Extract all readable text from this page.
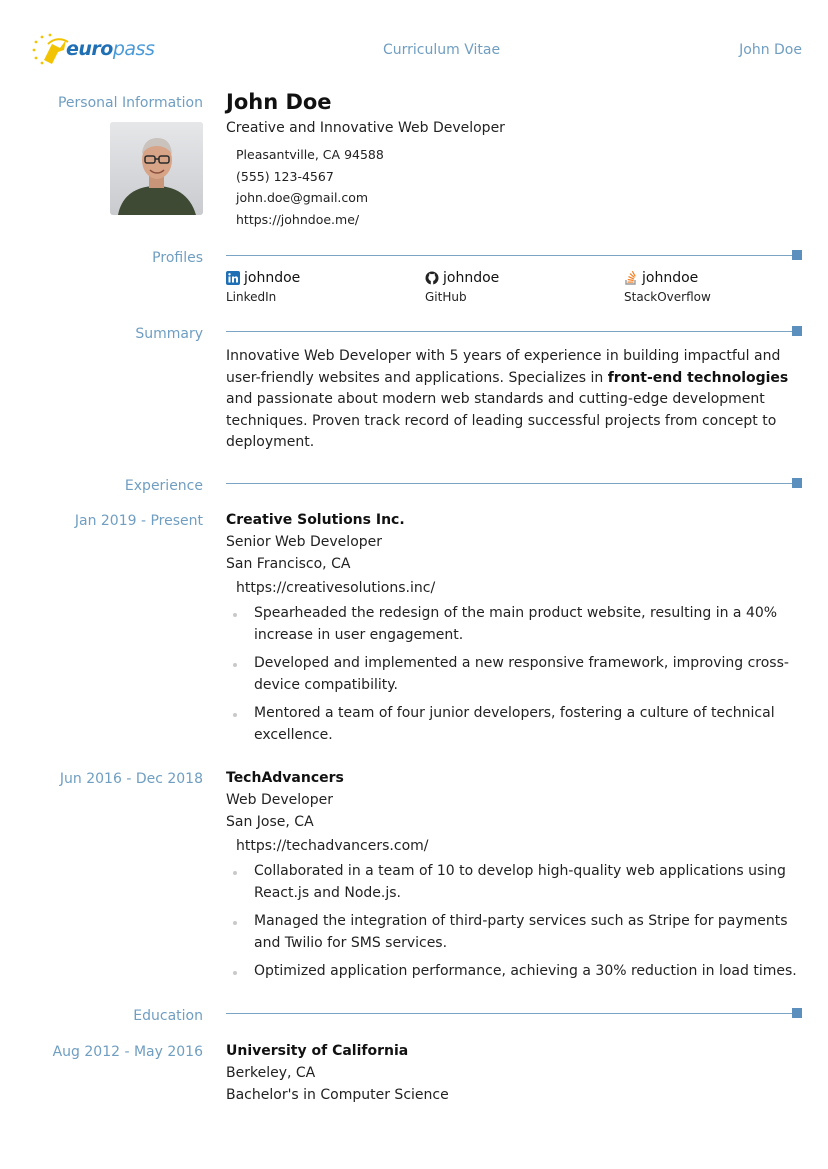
europass	Curriculum Vitae	John Doe
Personal Information John Doe
Creative and Innovative Web Developer
Pleasantville, CA 94588
(555) 123-4567
john.doe@gmail.com
https://johndoe.me/
Profiles
johndoe
LinkedIn
johndoe
GitHub
johndoe
StackOverflow
Summary
Innovative Web Developer with 5 years of experience in building impactful and user-friendly websites and applications. Specializes in front-end technologies and passionate about modern web standards and cutting-edge development techniques. Proven track record of leading successful projects from concept to deployment.
Experience
Jan 2019 - Present Creative Solutions Inc.
Senior Web Developer
San Francisco, CA
https://creativesolutions.inc/
Spearheaded the redesign of the main product website, resulting in a 40% increase in user engagement.
Developed and implemented a new responsive framework, improving cross-device compatibility.
Mentored a team of four junior developers, fostering a culture of technical excellence.
Jun 2016 - Dec 2018 TechAdvancers
Web Developer
San Jose, CA
https://techadvancers.com/
Collaborated in a team of 10 to develop high-quality web applications using React.js and Node.js.
Managed the integration of third-party services such as Stripe for payments and Twilio for SMS services.
Optimized application performance, achieving a 30% reduction in load times.
Education
Aug 2012 - May 2016 University of California
Berkeley, CA
Bachelor's in Computer Science
